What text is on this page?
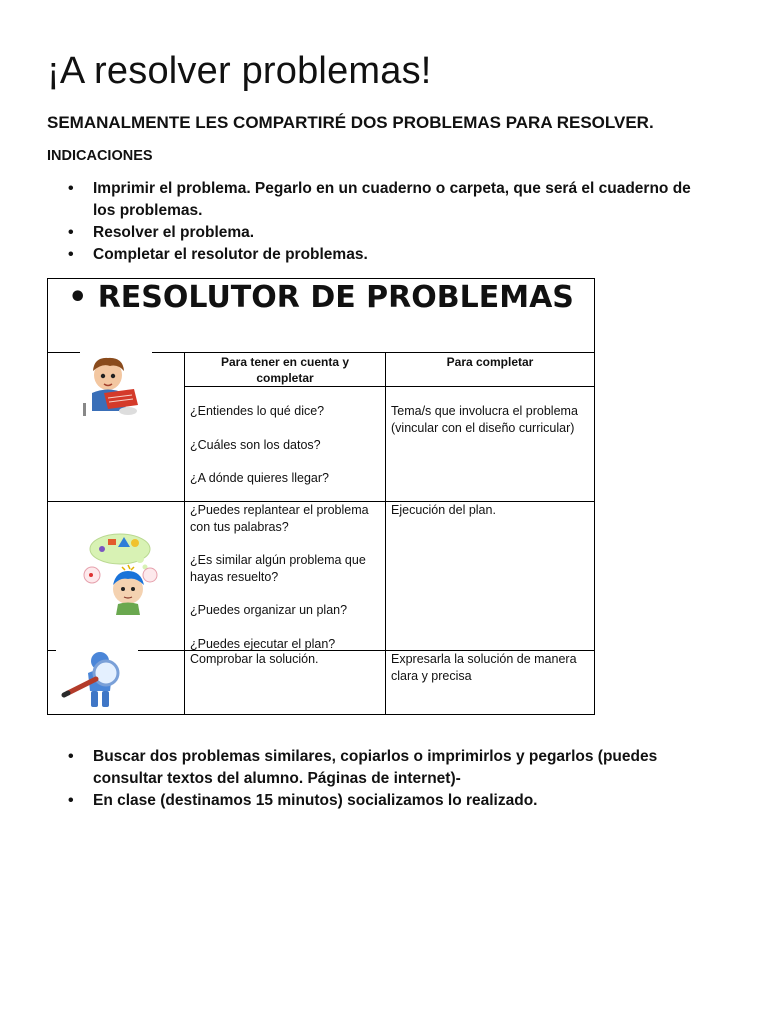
¡A resolver problemas!

SEMANALMENTE LES COMPARTIRÉ DOS PROBLEMAS PARA RESOLVER.

INDICACIONES

• Imprimir el problema. Pegarlo en un cuaderno o carpeta, que será el cuaderno de los problemas.
• Resolver el problema.
• Completar el resolutor de problemas.
• RESOLUTOR DE PROBLEMAS
Para tener en cuenta y completar
Para completar

¿Entiendes lo qué dice?

¿Cuáles son los datos?

¿A dónde quieres llegar?

Tema/s que involucra el problema (vincular con el diseño curricular)

¿Puedes replantear el problema con tus palabras?

¿Es similar algún problema que hayas resuelto?

¿Puedes organizar un plan?

¿Puedes ejecutar el plan?

Ejecución del plan.

Comprobar la solución.	Expresarla la solución de manera clara y precisa
• Buscar dos problemas similares, copiarlos o imprimirlos y pegarlos (puedes consultar textos del alumno. Páginas de internet)-
• En clase (destinamos 15 minutos) socializamos lo realizado.
